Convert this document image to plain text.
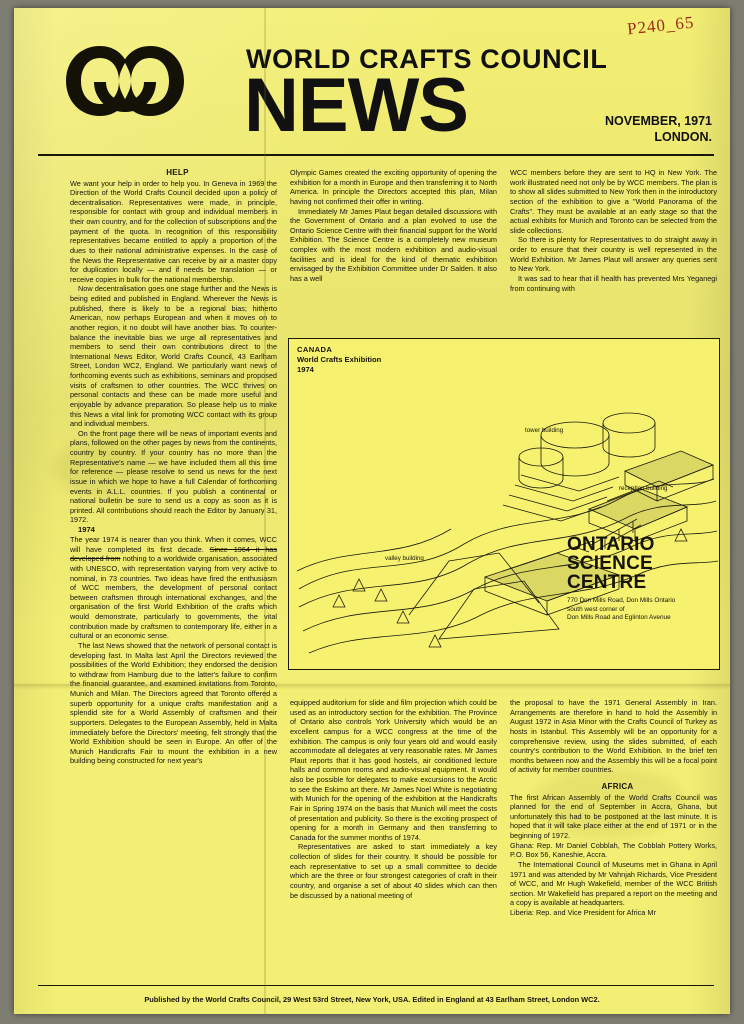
WORLD CRAFTS COUNCIL
NEWS	NOVEMBER, 1971
LONDON.
P240_65

HELP

We want your help in order to help you. In Geneva in 1969 the Direction of the World Crafts Council decided upon a policy of decentralisation. Representatives were made, in principle, responsible for contact with group and individual members in their own country, and for the collection of subscriptions and the payment of the quota. In recognition of this responsibility representatives became entitled to apply a proportion of the dues to their national administrative expenses. In the case of the News the Representative can receive by air a master copy for duplication locally — and if needs be translation — or receive copies in bulk for the national membership.

Now decentralisation goes one stage further and the News is being edited and published in England. Wherever the News is published, there is likely to be a regional bias; hitherto American, now perhaps European and when it moves on to another region, it no doubt will have another bias. To counter-balance the inevitable bias we urge all representatives and members to send their own contributions direct to the International News Editor, World Crafts Council, 43 Earlham Street, London WC2, England. We particularly want news of forthcoming events such as exhibitions, seminars and proposed visits of craftsmen to other countries. The WCC thrives on personal contacts and these can be made more useful and enjoyable by advance preparation. So please help us to make this News a vital link for promoting WCC contact with its group and individual members.

On the front page there will be news of important events and plans, followed on the other pages by news from the continents, country by country. If your country has no more than the Representative's name — we have included them all this time for reference — please resolve to send us news for the next issue in which we hope to have a full Calendar of forthcoming events in A.L.L. countries. If you publish a continental or national bulletin be sure to send us a copy as soon as it is printed. All contributions should reach the Editor by January 31, 1972.

1974

The year 1974 is nearer than you think. When it comes, WCC will have completed its first decade. Since 1964 it has developed from nothing to a worldwide organisation, associated with UNESCO, with representation varying from very active to nominal, in 73 countries. Two ideas have fired the enthusiasm of WCC members, the development of personal contact between craftsmen through international exchanges, and the organisation of the first World Exhibition of the crafts which would demonstrate, particularly to governments, the vital contribution made by craftsmen to contemporary life, either in a cultural or an economic sense.

The last News showed that the network of personal contact is developing fast. In Malta last April the Directors reviewed the possibilities of the World Exhibition; they endorsed the decision to withdraw from Hamburg due to the latter's failure to confirm the financial guarantee, and examined invitations from Toronto, Munich and Milan. The Directors agreed that Toronto offered a superb opportunity for a unique crafts manifestation and a splendid site for a World Assembly of craftsmen and their supporters. Delegates to the European Assembly, held in Malta immediately before the Directors' meeting, felt strongly that the World Exhibition should be seen in Europe. An offer of the Munich Handicrafts Fair to mount the exhibition in a new building being constructed for next year's

Olympic Games created the exciting opportunity of opening the exhibition for a month in Europe and then transferring it to North America. In principle the Directors accepted this plan, Milan having not confirmed their offer in writing.

Immediately Mr James Plaut began detailed discussions with the Government of Ontario and a plan evolved to use the Ontario Science Centre with their financial support for the World Exhibition. The Science Centre is a completely new museum complex with the most modern exhibition and audio-visual facilities and is ideal for the kind of thematic exhibition envisaged by the Exhibition Committee under Dr Salden. It also has a well

WCC members before they are sent to HQ in New York. The work illustrated need not only be by WCC members. The plan is to show all slides submitted to New York then in the introductory section of the exhibition to give a "World Panorama of the Crafts". They must be available at an early stage so that the actual exhibits for Munich and Toronto can be selected from the slide collections.

So there is plenty for Representatives to do straight away in order to ensure that their country is well represented in the World Exhibition. Mr James Plaut will answer any queries sent to New York.

It was sad to hear that ill health has prevented Mrs Yeganegi from continuing with

CANADA
World Crafts Exhibition
1974
tower building
reception building
valley building
ONTARIO
SCIENCE
CENTRE
770 Don Mills Road, Don Mills Ontario
south west corner of
Don Mills Road and Eglinton Avenue

equipped auditorium for slide and film projection which could be used as an introductory section for the exhibition. The Province of Ontario also controls York University which would be an excellent campus for a WCC congress at the time of the exhibition. The campus is only four years old and would easily accommodate all delegates at very reasonable rates. Mr James Plaut reports that it has good hostels, air conditioned lecture halls and common rooms and audio-visual equipment. It would also be possible for delegates to make excursions to the Arctic to see the Eskimo art there. Mr James Noel White is negotiating with Munich for the opening of the exhibition at the Handicrafts Fair in Spring 1974 on the basis that Munich will meet the costs of presentation and publicity. So there is the exciting prospect of opening for a month in Germany and then transferring to Canada for the summer months of 1974.

Representatives are asked to start immediately a key collection of slides for their country. It should be possible for each representative to set up a small committee to decide which are the three or four strongest categories of craft in their country, and organise a set of about 40 slides which can then be discussed by a national meeting of

the proposal to have the 1971 General Assembly in Iran. Arrangements are therefore in hand to hold the Assembly in August 1972 in Asia Minor with the Crafts Council of Turkey as hosts in Istanbul. This Assembly will be an opportunity for a comprehensive review, using the slides submitted, of each country's contribution to the World Exhibition. In the brief ten months between now and the Assembly this will be a focal point of activity for member countries.

AFRICA

The first African Assembly of the World Crafts Council was planned for the end of September in Accra, Ghana, but unfortunately this had to be postponed at the last minute. It is hoped that it will take place either at the end of 1971 or in the beginning of 1972.

Ghana: Rep. Mr Daniel Cobblah, The Cobblah Pottery Works, P.O. Box 56, Kaneshie, Accra.

The International Council of Museums met in Ghana in April 1971 and was attended by Mr Vahnjah Richards, Vice President of WCC, and Mr Hugh Wakefield, member of the WCC British section. Mr Wakefield has prepared a report on the meeting and a copy is available at headquarters.

Liberia: Rep. and Vice President for Africa Mr

Published by the World Crafts Council, 29 West 53rd Street, New York, USA. Edited in England at 43 Earlham Street, London WC2.
